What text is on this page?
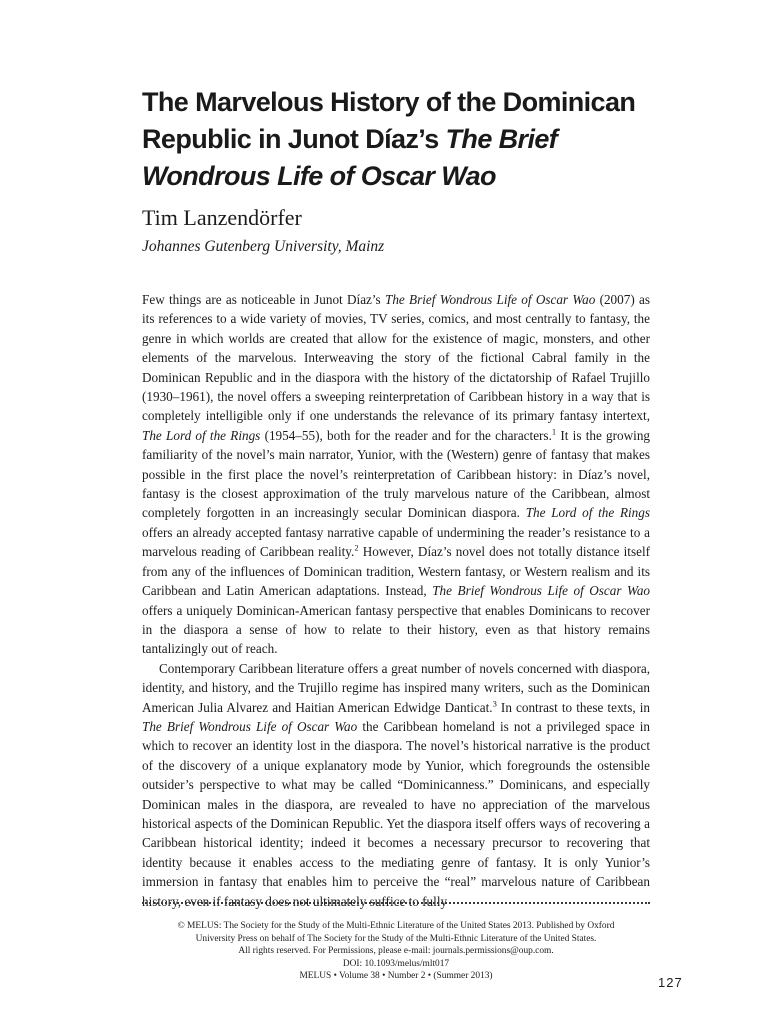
The Marvelous History of the Dominican Republic in Junot Díaz’s The Brief Wondrous Life of Oscar Wao
Tim Lanzendörfer
Johannes Gutenberg University, Mainz

Few things are as noticeable in Junot Díaz’s The Brief Wondrous Life of Oscar Wao (2007) as its references to a wide variety of movies, TV series, comics, and most centrally to fantasy, the genre in which worlds are created that allow for the existence of magic, monsters, and other elements of the marvelous. Interweaving the story of the fictional Cabral family in the Dominican Republic and in the diaspora with the history of the dictatorship of Rafael Trujillo (1930–1961), the novel offers a sweeping reinterpretation of Caribbean history in a way that is completely intelligible only if one understands the relevance of its primary fantasy intertext, The Lord of the Rings (1954–55), both for the reader and for the characters.$^1$ It is the growing familiarity of the novel’s main narrator, Yunior, with the (Western) genre of fantasy that makes possible in the first place the novel’s reinterpretation of Caribbean history: in Díaz’s novel, fantasy is the closest approximation of the truly marvelous nature of the Caribbean, almost completely forgotten in an increasingly secular Dominican diaspora. The Lord of the Rings offers an already accepted fantasy narrative capable of undermining the reader’s resistance to a marvelous reading of Caribbean reality.$^2$ However, Díaz’s novel does not totally distance itself from any of the influences of Dominican tradition, Western fantasy, or Western realism and its Caribbean and Latin American adaptations. Instead, The Brief Wondrous Life of Oscar Wao offers a uniquely Dominican-American fantasy perspective that enables Dominicans to recover in the diaspora a sense of how to relate to their history, even as that history remains tantalizingly out of reach.

Contemporary Caribbean literature offers a great number of novels concerned with diaspora, identity, and history, and the Trujillo regime has inspired many writers, such as the Dominican American Julia Alvarez and Haitian American Edwidge Danticat.$^3$ In contrast to these texts, in The Brief Wondrous Life of Oscar Wao the Caribbean homeland is not a privileged space in which to recover an identity lost in the diaspora. The novel’s historical narrative is the product of the discovery of a unique explanatory mode by Yunior, which foregrounds the ostensible outsider’s perspective to what may be called “Dominicanness.” Dominicans, and especially Dominican males in the diaspora, are revealed to have no appreciation of the marvelous historical aspects of the Dominican Republic. Yet the diaspora itself offers ways of recovering a Caribbean historical identity; indeed it becomes a necessary precursor to recovering that identity because it enables access to the mediating genre of fantasy. It is only Yunior’s immersion in fantasy that enables him to perceive the “real” marvelous nature of Caribbean history, even if fantasy does not ultimately suffice to fully

© MELUS: The Society for the Study of the Multi-Ethnic Literature of the United States 2013. Published by Oxford
University Press on behalf of The Society for the Study of the Multi-Ethnic Literature of the United States.
All rights reserved. For Permissions, please e-mail: journals.permissions@oup.com.
DOI: 10.1093/melus/mlt017
MELUS • Volume 38 • Number 2 • (Summer 2013)	127
